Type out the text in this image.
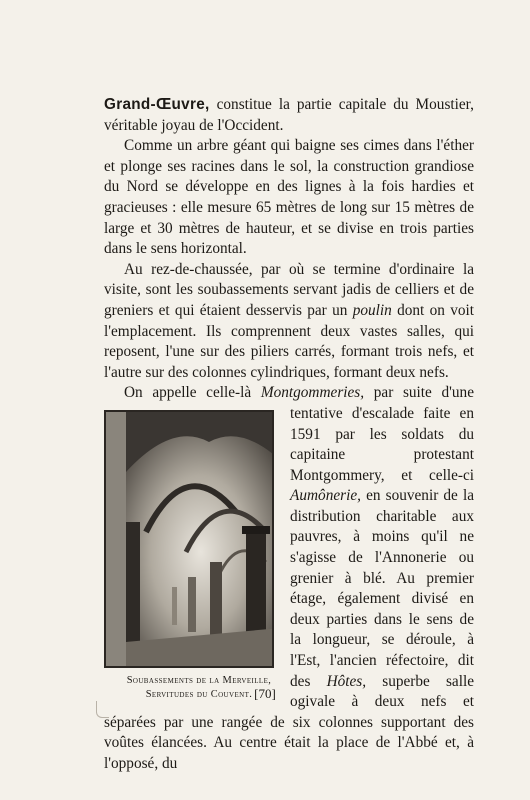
Grand-Œuvre, constitue la partie capitale du Moustier, véritable joyau de l'Occident.

Comme un arbre géant qui baigne ses cimes dans l'éther et plonge ses racines dans le sol, la construction grandiose du Nord se développe en des lignes à la fois hardies et gracieuses : elle mesure 65 mètres de long sur 15 mètres de large et 30 mètres de hauteur, et se divise en trois parties dans le sens horizontal.

Au rez-de-chaussée, par où se termine d'ordinaire la visite, sont les soubassements servant jadis de celliers et de greniers et qui étaient desservis par un poulin dont on voit l'emplacement. Ils comprennent deux vastes salles, qui reposent, l'une sur des piliers carrés, formant trois nefs, et l'autre sur des colonnes cylindriques, formant deux nefs.

On appelle celle-là Montgommeries,
Soubassements de la Merveille,
Servitudes du Couvent.
par suite d'une tentative d'escalade faite en 1591 par les soldats du capitaine protestant Montgommery, et celle-ci Aumônerie, en souvenir de la distribution charitable aux pauvres, à moins qu'il ne s'agisse de l'Annonerie ou grenier à blé. Au premier étage, également divisé en deux parties dans le sens de la longueur, se déroule, à l'Est, l'ancien réfectoire, dit des Hôtes, superbe salle ogivale à deux nefs et séparées par une rangée de six colonnes supportant des voûtes élancées. Au centre était la place de l'Abbé et, à l'opposé, du

[70]
